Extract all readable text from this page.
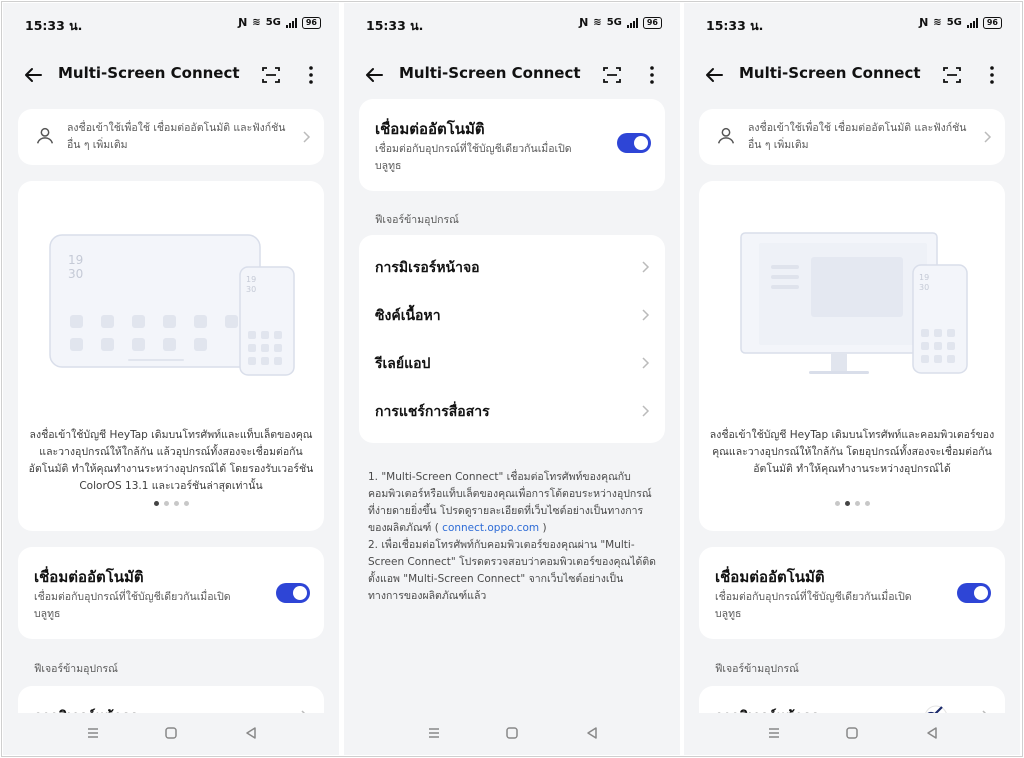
15:33 น.	Ɲ ≋ 5G	96
Multi-Screen Connect
ลงชื่อเข้าใช้เพื่อใช้ เชื่อมต่ออัตโนมัติ และฟังก์ชันอื่น ๆ เพิ่มเติม
19
30	19
30
ลงชื่อเข้าใช้บัญชี HeyTap เดิมบนโทรศัพท์และแท็บเล็ตของคุณและวางอุปกรณ์ให้ใกล้กัน แล้วอุปกรณ์ทั้งสองจะเชื่อมต่อกันอัตโนมัติ ทำให้คุณทำงานระหว่างอุปกรณ์ได้ โดยรองรับเวอร์ชัน ColorOS 13.1 และเวอร์ชันล่าสุดเท่านั้น
เชื่อมต่ออัตโนมัติ
เชื่อมต่อกับอุปกรณ์ที่ใช้บัญชีเดียวกันเมื่อเปิดบลูทูธ
ฟีเจอร์ข้ามอุปกรณ์
15:33 น.	Ɲ ≋ 5G	96
Multi-Screen Connect
เชื่อมต่ออัตโนมัติ
เชื่อมต่อกับอุปกรณ์ที่ใช้บัญชีเดียวกันเมื่อเปิดบลูทูธ
ฟีเจอร์ข้ามอุปกรณ์
การมิเรอร์หน้าจอ
ซิงค์เนื้อหา
รีเลย์แอป
การแชร์การสื่อสาร

1. "Multi-Screen Connect" เชื่อมต่อโทรศัพท์ของคุณกับคอมพิวเตอร์หรือแท็บเล็ตของคุณเพื่อการโต้ตอบระหว่างอุปกรณ์ที่ง่ายดายยิ่งขึ้น โปรดดูรายละเอียดที่เว็บไซต์อย่างเป็นทางการของผลิตภัณฑ์ ( connect.oppo.com )

2. เพื่อเชื่อมต่อโทรศัพท์กับคอมพิวเตอร์ของคุณผ่าน "Multi-Screen Connect" โปรดตรวจสอบว่าคอมพิวเตอร์ของคุณได้ติดตั้งแอพ "Multi-Screen Connect" จากเว็บไซต์อย่างเป็นทางการของผลิตภัณฑ์แล้ว

15:33 น.	Ɲ ≋ 5G	96
Multi-Screen Connect
ลงชื่อเข้าใช้เพื่อใช้ เชื่อมต่ออัตโนมัติ และฟังก์ชันอื่น ๆ เพิ่มเติม
19
30
ลงชื่อเข้าใช้บัญชี HeyTap เดิมบนโทรศัพท์และคอมพิวเตอร์ของคุณและวางอุปกรณ์ให้ใกล้กัน โดยอุปกรณ์ทั้งสองจะเชื่อมต่อกันอัตโนมัติ ทำให้คุณทำงานระหว่างอุปกรณ์ได้
เชื่อมต่ออัตโนมัติ
เชื่อมต่อกับอุปกรณ์ที่ใช้บัญชีเดียวกันเมื่อเปิดบลูทูธ
ฟีเจอร์ข้ามอุปกรณ์
